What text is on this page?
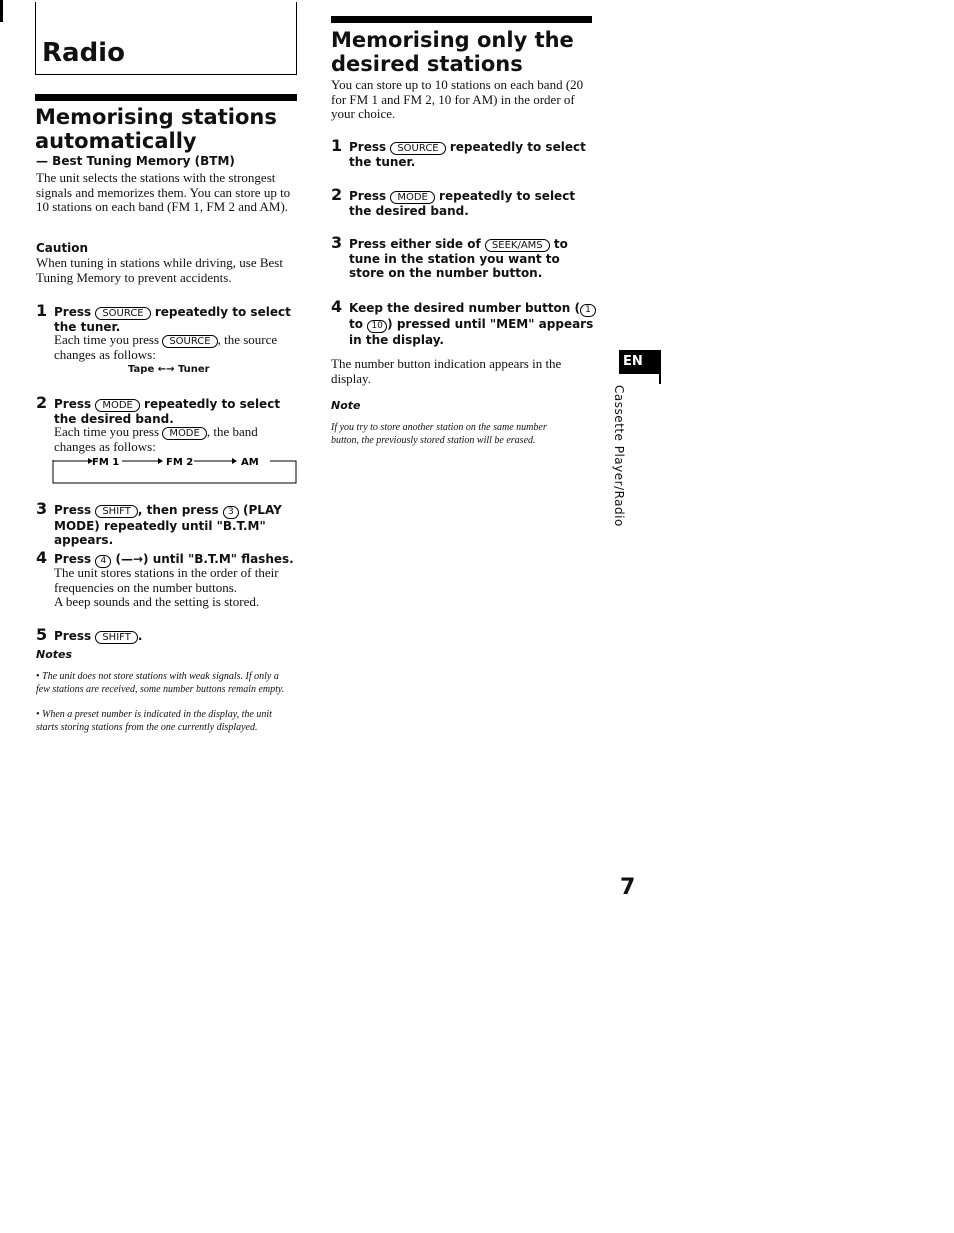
Radio
Memorising stations automatically
— Best Tuning Memory (BTM)

The unit selects the stations with the strongest signals and memorizes them. You can store up to 10 stations on each band (FM 1, FM 2 and AM).

Caution

When tuning in stations while driving, use Best Tuning Memory to prevent accidents.

1 Press SOURCE repeatedly to select the tuner.

Each time you press SOURCE , the source changes as follows:

Tape ←→ Tuner
2 Press MODE repeatedly to select the desired band.

Each time you press MODE , the band changes as follows:

FM 1	FM 2	AM
3 Press SHIFT , then press 3 (PLAY MODE) repeatedly until "B.T.M" appears.
4 Press 4 (—→) until "B.T.M" flashes.

The unit stores stations in the order of their frequencies on the number buttons.

A beep sounds and the setting is stored.

5 Press SHIFT .
Notes

• The unit does not store stations with weak signals. If only a few stations are received, some number buttons remain empty.

• When a preset number is indicated in the display, the unit starts storing stations from the one currently displayed.

Memorising only the desired stations

You can store up to 10 stations on each band (20 for FM 1 and FM 2, 10 for AM) in the order of your choice.

1 Press SOURCE repeatedly to select the tuner.
2 Press MODE repeatedly to select the desired band.
3 Press either side of SEEK/AMS to tune in the station you want to store on the number button.
4 Keep the desired number button ( 1 to 10 ) pressed until "MEM" appears in the display.

The number button indication appears in the display.

Note

If you try to store another station on the same number button, the previously stored station will be erased.

EN
Cassette Player/Radio
7
